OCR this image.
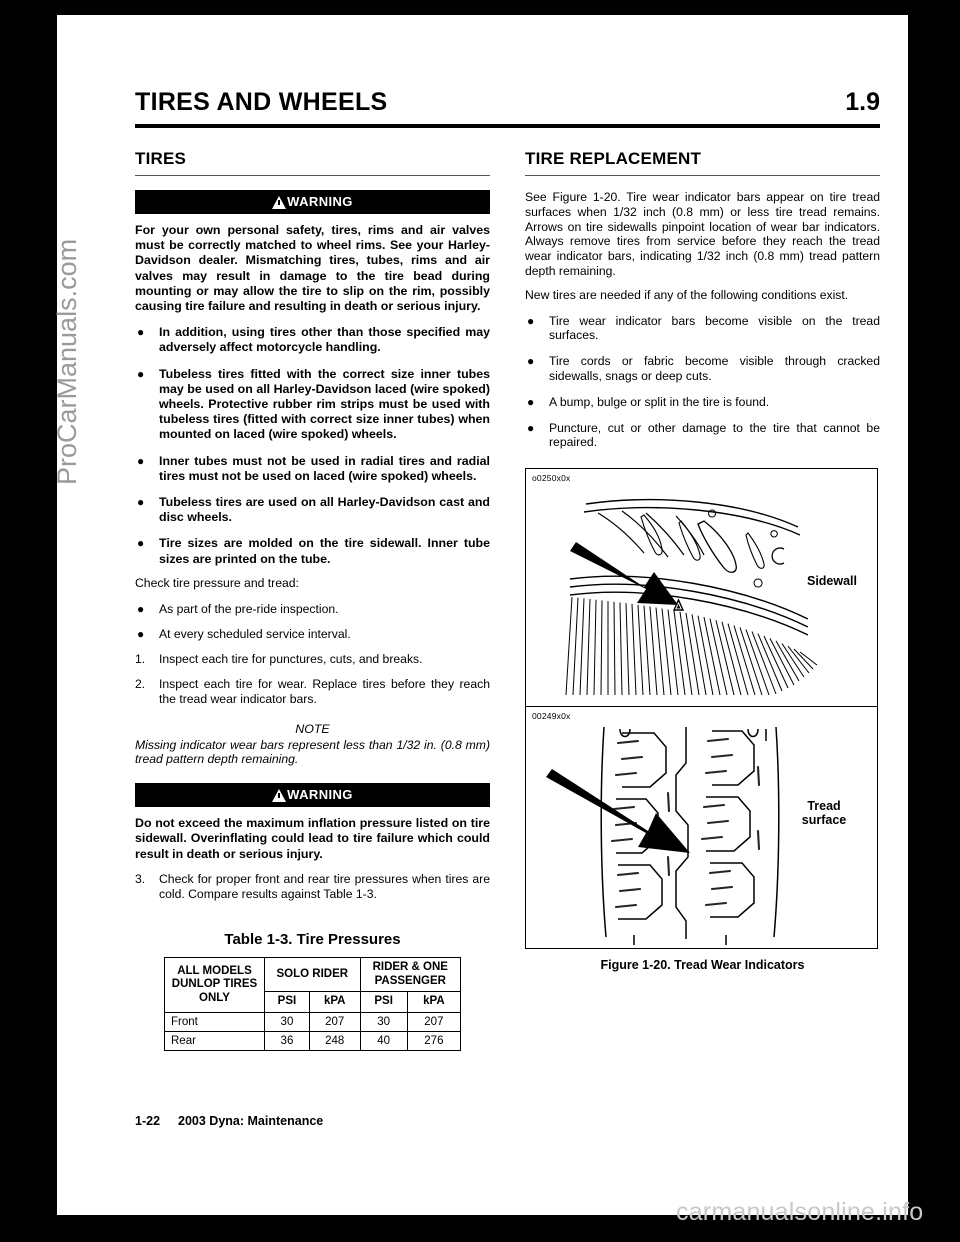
ProCarManuals.com
TIRES AND WHEELS	1.9
TIRES
WARNING

For your own personal safety, tires, rims and air valves must be correctly matched to wheel rims. See your Harley-Davidson dealer. Mismatching tires, tubes, rims and air valves may result in damage to the tire bead during mounting or may allow the tire to slip on the rim, possibly causing tire failure and resulting in death or serious injury.

● In addition, using tires other than those specified may adversely affect motorcycle handling.
● Tubeless tires fitted with the correct size inner tubes may be used on all Harley-Davidson laced (wire spoked) wheels. Protective rubber rim strips must be used with tubeless tires (fitted with correct size inner tubes) when mounted on laced (wire spoked) wheels.
● Inner tubes must not be used in radial tires and radial tires must not be used on laced (wire spoked) wheels.
● Tubeless tires are used on all Harley-Davidson cast and disc wheels.
● Tire sizes are molded on the tire sidewall. Inner tube sizes are printed on the tube.

Check tire pressure and tread:

● As part of the pre-ride inspection.
● At every scheduled service interval.
1. Inspect each tire for punctures, cuts, and breaks.
2. Inspect each tire for wear. Replace tires before they reach the tread wear indicator bars.
NOTE
Missing indicator wear bars represent less than 1/32 in. (0.8 mm) tread pattern depth remaining.
WARNING

Do not exceed the maximum inflation pressure listed on tire sidewall. Overinflating could lead to tire failure which could result in death or serious injury.

3. Check for proper front and rear tire pressures when tires are cold. Compare results against Table 1-3.
Table 1-3. Tire Pressures
ALL MODELS DUNLOP TIRES ONLY	SOLO RIDER		RIDER & ONE PASSENGER	
	PSI	kPA	PSI	kPA
Front	30	207	30	207
Rear	36	248	40	276
TIRE REPLACEMENT

See Figure 1-20. Tire wear indicator bars appear on tire tread surfaces when 1/32 inch (0.8 mm) or less tire tread remains. Arrows on tire sidewalls pinpoint location of wear bar indicators. Always remove tires from service before they reach the tread wear indicator bars, indicating 1/32 inch (0.8 mm) tread pattern depth remaining.

New tires are needed if any of the following conditions exist.

● Tire wear indicator bars become visible on the tread surfaces.
● Tire cords or fabric become visible through cracked sidewalls, snags or deep cuts.
● A bump, bulge or split in the tire is found.
● Puncture, cut or other damage to the tire that cannot be repaired.
o0250x0x
Sidewall
00249x0x
Tread
surface
Figure 1-20. Tread Wear Indicators
1-22 2003 Dyna: Maintenance
carmanualsonline.info
